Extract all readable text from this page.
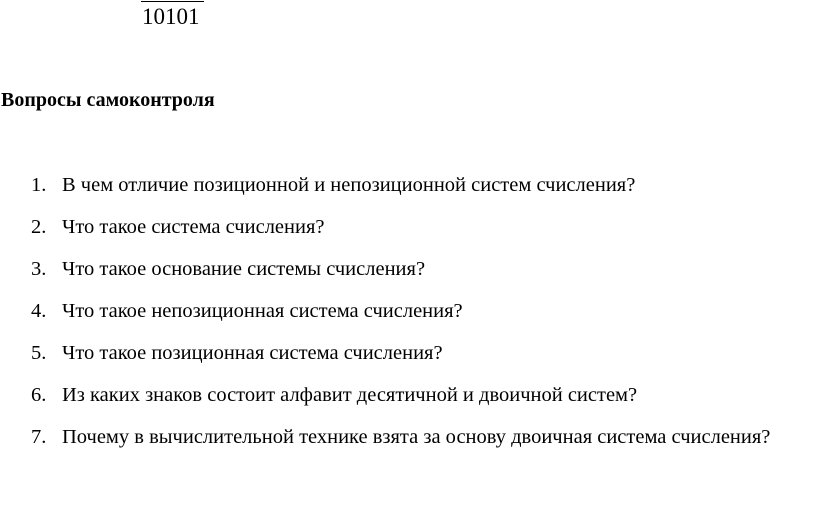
10101
Вопросы самоконтроля
1. В чем отличие позиционной и непозиционной систем счисления?
2. Что такое система счисления?
3. Что такое основание системы счисления?
4. Что такое непозиционная система счисления?
5. Что такое позиционная система счисления?
6. Из каких знаков состоит алфавит десятичной и двоичной систем?
7. Почему в вычислительной технике взята за основу двоичная система счисления?
